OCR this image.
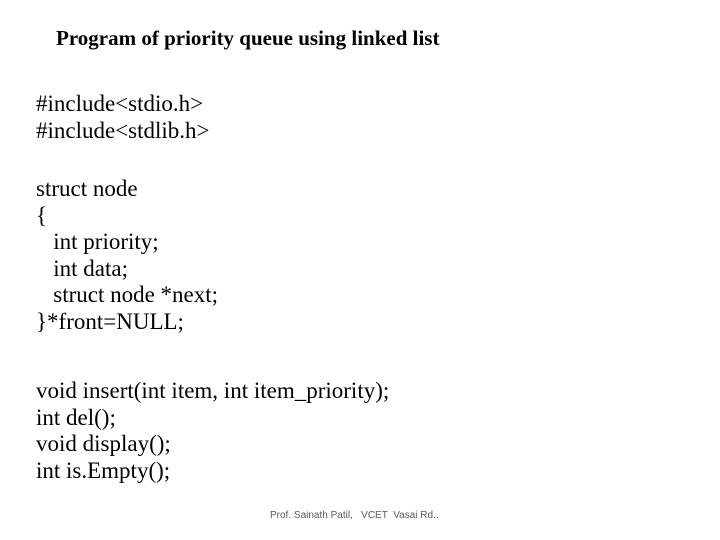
Program of priority queue using linked list
#include<stdio.h>
#include<stdlib.h>
struct node
{
int priority;
int data;
struct node *next;
}*front=NULL;
void insert(int item, int item_priority);
int del();
void display();
int is.Empty();
Prof. Sainath Patil,   VCET  Vasai Rd..
